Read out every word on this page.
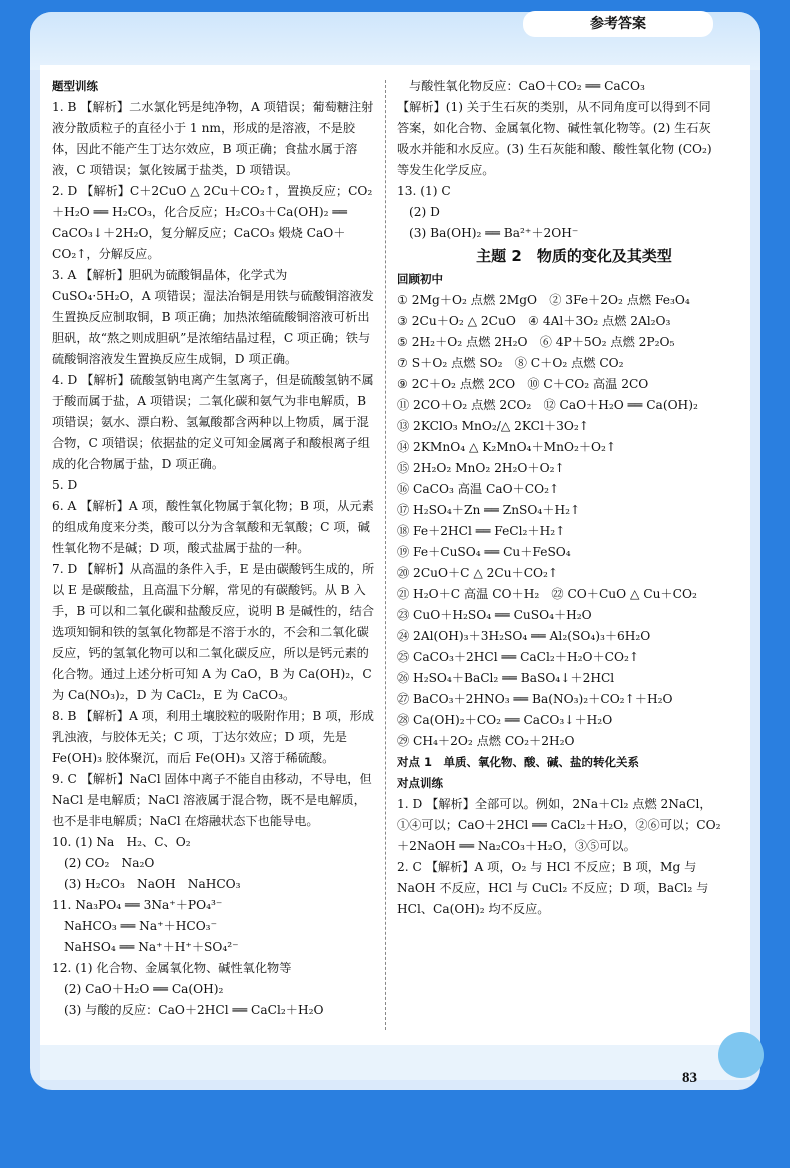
参考答案
题型训练
1. B 【解析】二水氯化钙是纯净物，A 项错误；葡萄糖注射液分散质粒子的直径小于 1 nm，形成的是溶液，不是胶体，因此不能产生丁达尔效应，B 项正确；食盐水属于溶液，C 项错误；氯化铵属于盐类，D 项错误。
2. D 【解析】C＋2CuO △ 2Cu＋CO₂↑，置换反应；CO₂＋H₂O ══ H₂CO₃，化合反应；H₂CO₃＋Ca(OH)₂ ══ CaCO₃↓＋2H₂O，复分解反应；CaCO₃ 煅烧 CaO＋CO₂↑，分解反应。
3. A 【解析】胆矾为硫酸铜晶体，化学式为 CuSO₄·5H₂O，A 项错误；湿法冶铜是用铁与硫酸铜溶液发生置换反应制取铜，B 项正确；加热浓缩硫酸铜溶液可析出胆矾，故“熬之则成胆矾”是浓缩结晶过程，C 项正确；铁与硫酸铜溶液发生置换反应生成铜，D 项正确。
4. D 【解析】硫酸氢钠电离产生氢离子，但是硫酸氢钠不属于酸而属于盐，A 项错误；二氧化碳和氨气为非电解质，B 项错误；氨水、漂白粉、氢氟酸都含两种以上物质，属于混合物，C 项错误；依据盐的定义可知金属离子和酸根离子组成的化合物属于盐，D 项正确。
5. D
6. A 【解析】A 项，酸性氧化物属于氧化物；B 项，从元素的组成角度来分类，酸可以分为含氧酸和无氧酸；C 项，碱性氧化物不是碱；D 项，酸式盐属于盐的一种。
7. D 【解析】从高温的条件入手，E 是由碳酸钙生成的，所以 E 是碳酸盐，且高温下分解，常见的有碳酸钙。从 B 入手，B 可以和二氧化碳和盐酸反应，说明 B 是碱性的，结合选项知铜和铁的氢氧化物都是不溶于水的，不会和二氧化碳反应，钙的氢氧化物可以和二氧化碳反应，所以是钙元素的化合物。通过上述分析可知 A 为 CaO，B 为 Ca(OH)₂，C 为 Ca(NO₃)₂，D 为 CaCl₂，E 为 CaCO₃。
8. B 【解析】A 项，利用土壤胶粒的吸附作用；B 项，形成乳浊液，与胶体无关；C 项，丁达尔效应；D 项，先是 Fe(OH)₃ 胶体聚沉，而后 Fe(OH)₃ 又溶于稀硫酸。
9. C 【解析】NaCl 固体中离子不能自由移动，不导电，但 NaCl 是电解质；NaCl 溶液属于混合物，既不是电解质，也不是非电解质；NaCl 在熔融状态下也能导电。
10. (1) Na　H₂、C、O₂
(2) CO₂　Na₂O
(3) H₂CO₃　NaOH　NaHCO₃
11. Na₃PO₄ ══ 3Na⁺＋PO₄³⁻
NaHCO₃ ══ Na⁺＋HCO₃⁻
NaHSO₄ ══ Na⁺＋H⁺＋SO₄²⁻
12. (1) 化合物、金属氧化物、碱性氧化物等
(2) CaO＋H₂O ══ Ca(OH)₂
(3) 与酸的反应：CaO＋2HCl ══ CaCl₂＋H₂O
与酸性氧化物反应：CaO＋CO₂ ══ CaCO₃
【解析】(1) 关于生石灰的类别，从不同角度可以得到不同答案，如化合物、金属氧化物、碱性氧化物等。(2) 生石灰吸水并能和水反应。(3) 生石灰能和酸、酸性氧化物 (CO₂) 等发生化学反应。
13. (1) C
(2) D
(3) Ba(OH)₂ ══ Ba²⁺＋2OH⁻
主题 2　物质的变化及其类型
回顾初中
① 2Mg＋O₂ 点燃 2MgO　② 3Fe＋2O₂ 点燃 Fe₃O₄
③ 2Cu＋O₂ △ 2CuO　④ 4Al＋3O₂ 点燃 2Al₂O₃
⑤ 2H₂＋O₂ 点燃 2H₂O　⑥ 4P＋5O₂ 点燃 2P₂O₅
⑦ S＋O₂ 点燃 SO₂　⑧ C＋O₂ 点燃 CO₂
⑨ 2C＋O₂ 点燃 2CO　⑩ C＋CO₂ 高温 2CO
⑪ 2CO＋O₂ 点燃 2CO₂　⑫ CaO＋H₂O ══ Ca(OH)₂
⑬ 2KClO₃ MnO₂/△ 2KCl＋3O₂↑
⑭ 2KMnO₄ △ K₂MnO₄＋MnO₂＋O₂↑
⑮ 2H₂O₂ MnO₂ 2H₂O＋O₂↑
⑯ CaCO₃ 高温 CaO＋CO₂↑
⑰ H₂SO₄＋Zn ══ ZnSO₄＋H₂↑
⑱ Fe＋2HCl ══ FeCl₂＋H₂↑
⑲ Fe＋CuSO₄ ══ Cu＋FeSO₄
⑳ 2CuO＋C △ 2Cu＋CO₂↑
㉑ H₂O＋C 高温 CO＋H₂　㉒ CO＋CuO △ Cu＋CO₂
㉓ CuO＋H₂SO₄ ══ CuSO₄＋H₂O
㉔ 2Al(OH)₃＋3H₂SO₄ ══ Al₂(SO₄)₃＋6H₂O
㉕ CaCO₃＋2HCl ══ CaCl₂＋H₂O＋CO₂↑
㉖ H₂SO₄＋BaCl₂ ══ BaSO₄↓＋2HCl
㉗ BaCO₃＋2HNO₃ ══ Ba(NO₃)₂＋CO₂↑＋H₂O
㉘ Ca(OH)₂＋CO₂ ══ CaCO₃↓＋H₂O
㉙ CH₄＋2O₂ 点燃 CO₂＋2H₂O
对点 1　单质、氧化物、酸、碱、盐的转化关系
对点训练
1. D 【解析】全部可以。例如，2Na＋Cl₂ 点燃 2NaCl，①④可以；CaO＋2HCl ══ CaCl₂＋H₂O，②⑥可以；CO₂＋2NaOH ══ Na₂CO₃＋H₂O，③⑤可以。
2. C 【解析】A 项，O₂ 与 HCl 不反应；B 项，Mg 与 NaOH 不反应，HCl 与 CuCl₂ 不反应；D 项，BaCl₂ 与 HCl、Ca(OH)₂ 均不反应。
83
